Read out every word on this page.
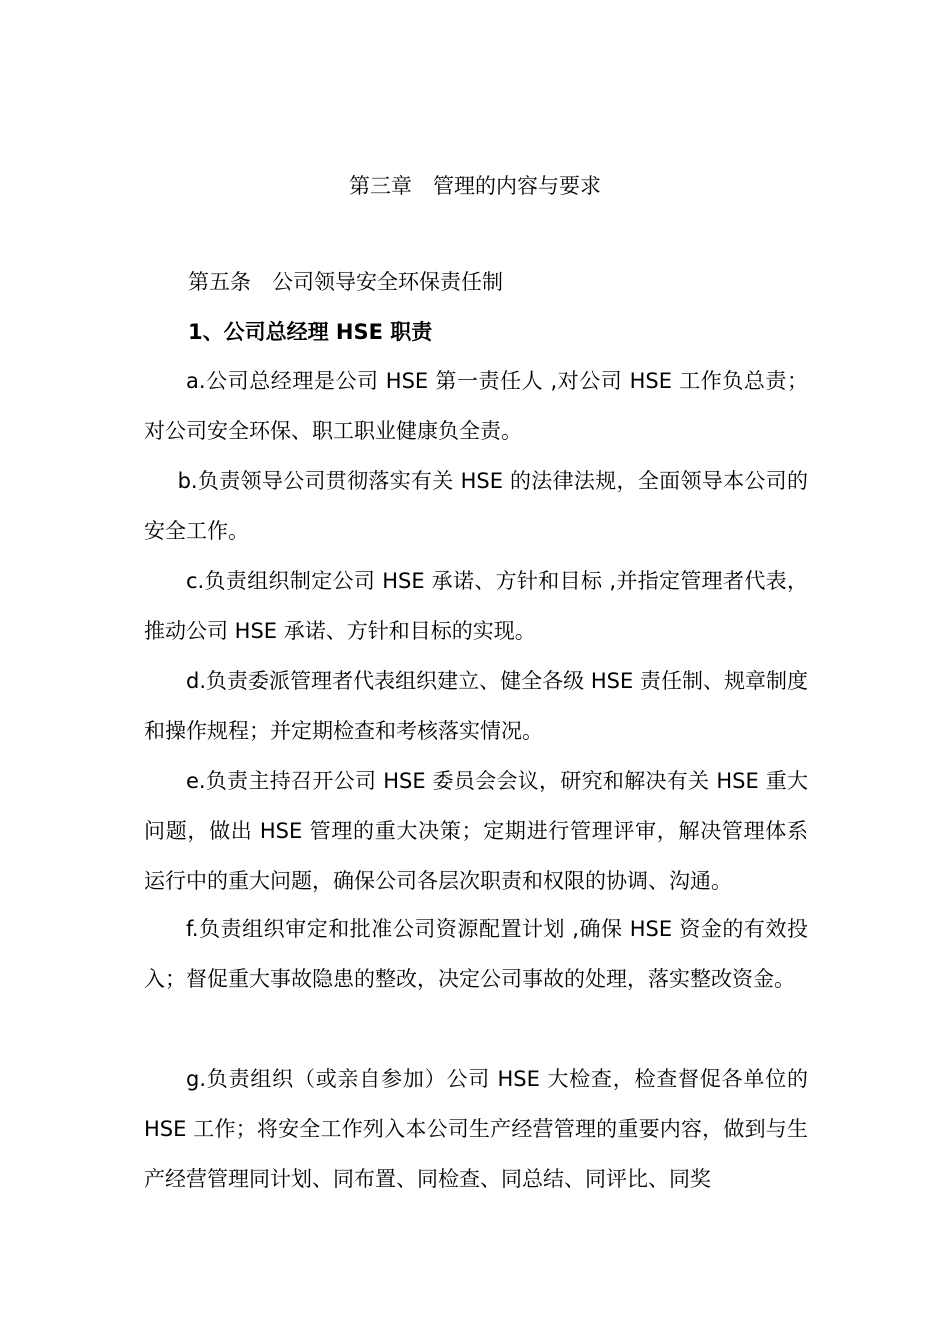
第三章　管理的内容与要求
第五条　公司领导安全环保责任制
1、公司总经理 HSE 职责

a.公司总经理是公司 HSE 第一责任人 ,对公司 HSE 工作负总责；对公司安全环保、职工职业健康负全责。

b.负责领导公司贯彻落实有关 HSE 的法律法规，全面领导本公司的安全工作。

c.负责组织制定公司 HSE 承诺、方针和目标 ,并指定管理者代表，推动公司 HSE 承诺、方针和目标的实现。

d.负责委派管理者代表组织建立、健全各级 HSE 责任制、规章制度和操作规程；并定期检查和考核落实情况。

e.负责主持召开公司 HSE 委员会会议，研究和解决有关 HSE 重大问题，做出 HSE 管理的重大决策；定期进行管理评审，解决管理体系运行中的重大问题，确保公司各层次职责和权限的协调、沟通。

f.负责组织审定和批准公司资源配置计划 ,确保 HSE 资金的有效投入；督促重大事故隐患的整改，决定公司事故的处理，落实整改资金。

g.负责组织（或亲自参加）公司 HSE 大检查，检查督促各单位的 HSE 工作；将安全工作列入本公司生产经营管理的重要内容，做到与生产经营管理同计划、同布置、同检查、同总结、同评比、同奖
